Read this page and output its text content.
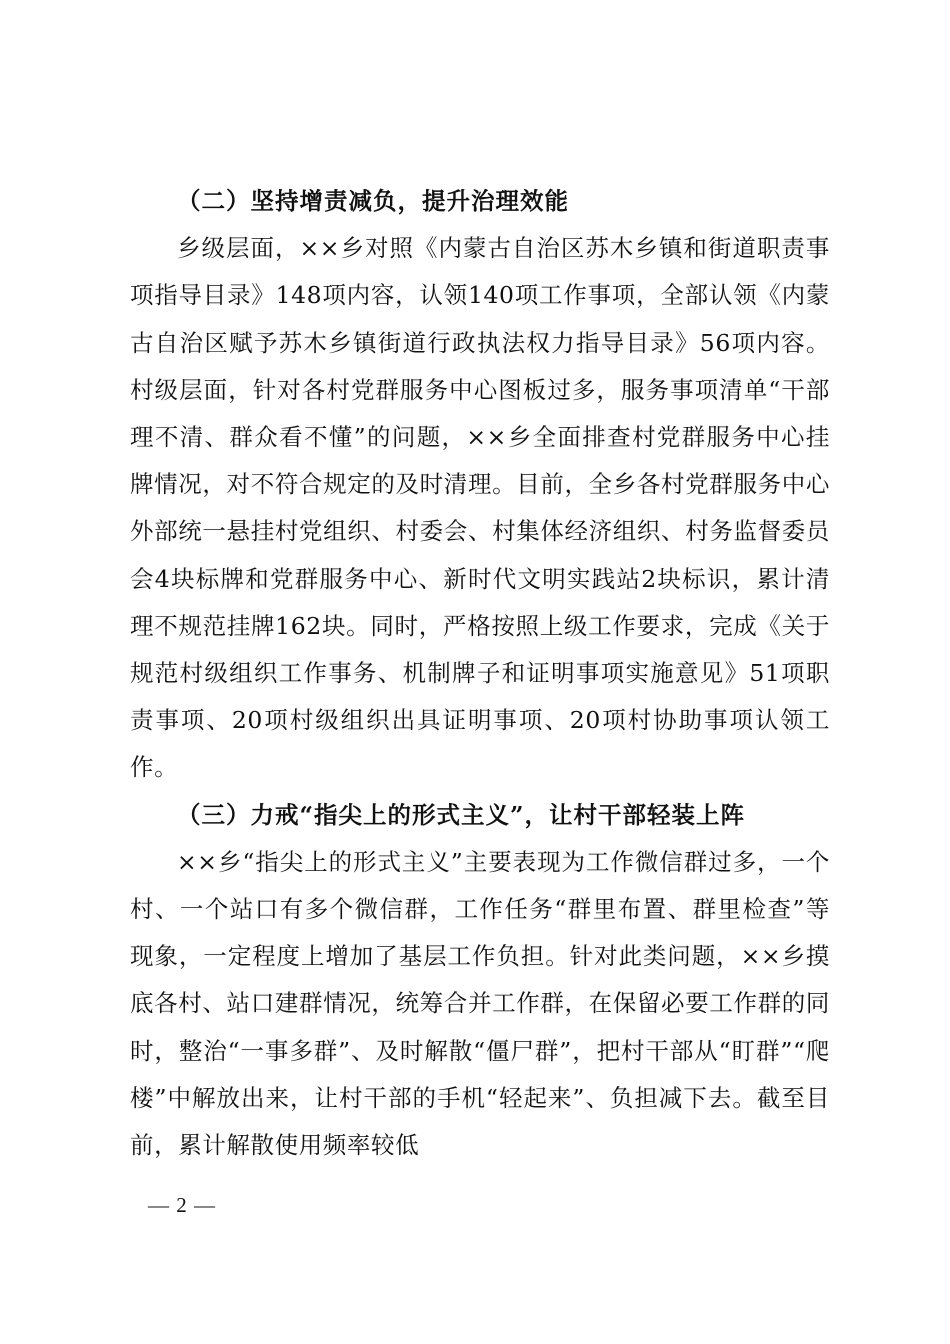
（二）坚持增责减负，提升治理效能

乡级层面，××乡对照《内蒙古自治区苏木乡镇和街道职责事项指导目录》148项内容，认领140项工作事项，全部认领《内蒙古自治区赋予苏木乡镇街道行政执法权力指导目录》56项内容。村级层面，针对各村党群服务中心图板过多，服务事项清单“干部理不清、群众看不懂”的问题，××乡全面排查村党群服务中心挂牌情况，对不符合规定的及时清理。目前，全乡各村党群服务中心外部统一悬挂村党组织、村委会、村集体经济组织、村务监督委员会4块标牌和党群服务中心、新时代文明实践站2块标识，累计清理不规范挂牌162块。同时，严格按照上级工作要求，完成《关于规范村级组织工作事务、机制牌子和证明事项实施意见》51项职责事项、20项村级组织出具证明事项、20项村协助事项认领工作。

（三）力戒“指尖上的形式主义”，让村干部轻装上阵

××乡“指尖上的形式主义”主要表现为工作微信群过多，一个村、一个站口有多个微信群，工作任务“群里布置、群里检查”等现象，一定程度上增加了基层工作负担。针对此类问题，××乡摸底各村、站口建群情况，统筹合并工作群，在保留必要工作群的同时，整治“一事多群”、及时解散“僵尸群”，把村干部从“盯群”“爬楼”中解放出来，让村干部的手机“轻起来”、负担减下去。截至目前，累计解散使用频率较低

— 2 —
